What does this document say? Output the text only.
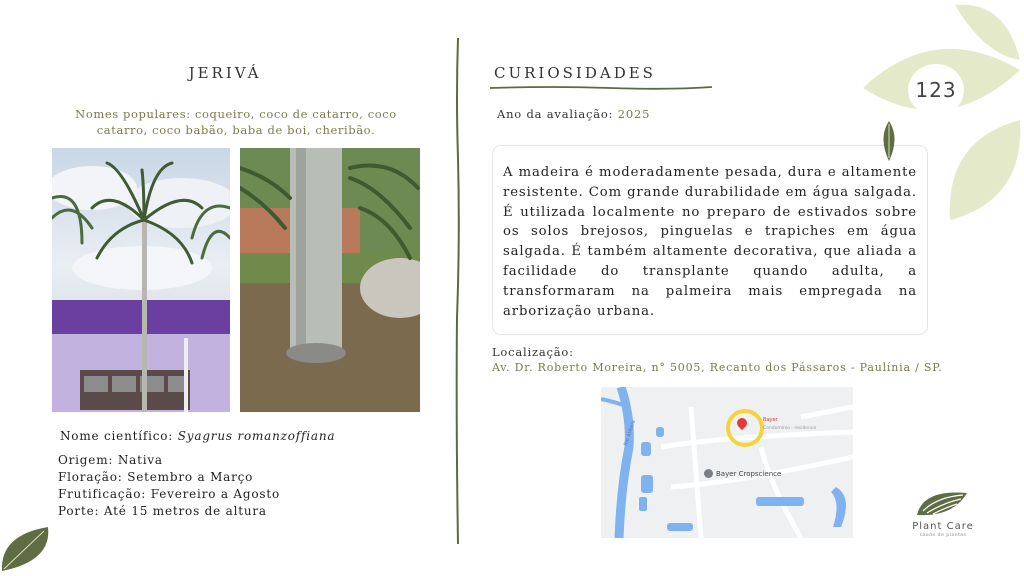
JERIVÁ
Nomes populares: coqueiro, coco de catarro, coco catarro, coco babão, baba de boi, cheribão.
Nome científico: Syagrus romanzoffiana
Origem: Nativa
Floração: Setembro a Março
Frutificação: Fevereiro a Agosto
Porte: Até 15 metros de altura
CURIOSIDADES
Ano da avaliação: 2025
A madeira é moderadamente pesada, dura e altamente resistente. Com grande durabilidade em água salgada. É utilizada localmente no preparo de estivados sobre os solos brejosos, pinguelas e trapiches em água salgada. É também altamente decorativa, que aliada a facilidade do transplante quando adulta, a transformaram na palmeira mais empregada na arborização urbana.
Localização:
Av. Dr. Roberto Moreira, n° 5005, Recanto dos Pássaros - Paulínia / SP.
Bayer
Condomínio - residence
Bayer Cropscience
Rio Atibaia
123
Plant Care
saúde de plantas
